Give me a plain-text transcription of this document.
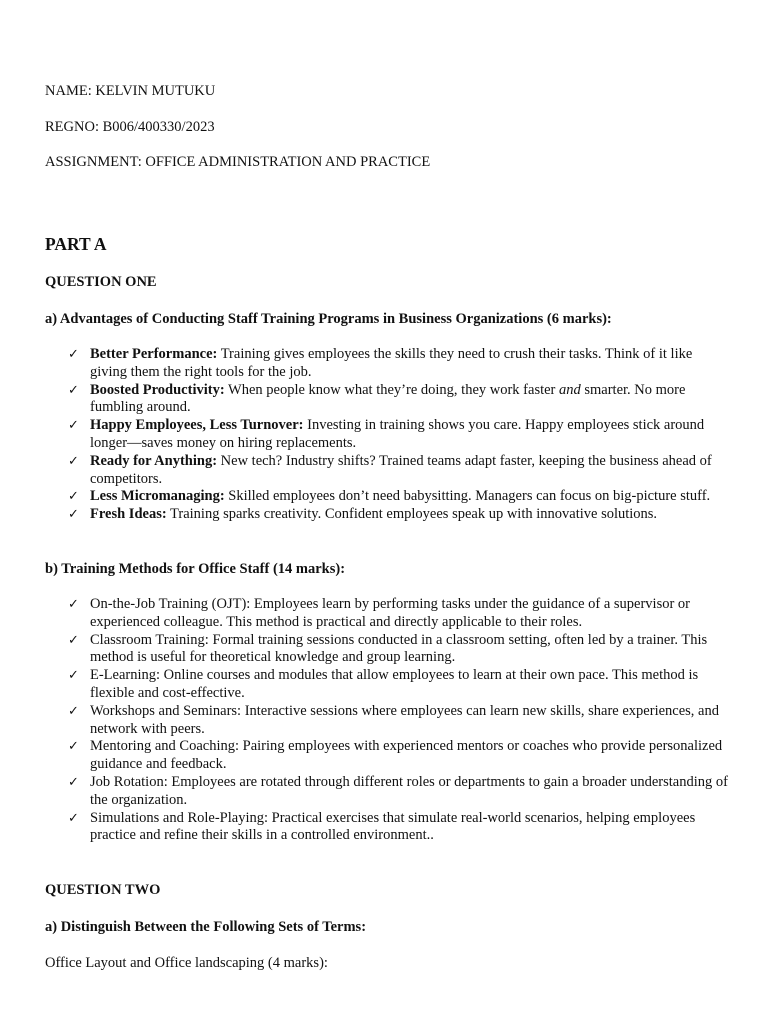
NAME: KELVIN MUTUKU
REGNO: B006/400330/2023
ASSIGNMENT: OFFICE ADMINISTRATION AND PRACTICE
PART A
QUESTION ONE
a) Advantages of Conducting Staff Training Programs in Business Organizations (6 marks):
✓ Better Performance: Training gives employees the skills they need to crush their tasks. Think of it like giving them the right tools for the job.
✓ Boosted Productivity: When people know what they’re doing, they work faster and smarter. No more fumbling around.
✓ Happy Employees, Less Turnover: Investing in training shows you care. Happy employees stick around longer—saves money on hiring replacements.
✓ Ready for Anything: New tech? Industry shifts? Trained teams adapt faster, keeping the business ahead of competitors.
✓ Less Micromanaging: Skilled employees don’t need babysitting. Managers can focus on big-picture stuff.
✓ Fresh Ideas: Training sparks creativity. Confident employees speak up with innovative solutions.
b) Training Methods for Office Staff (14 marks):
✓ On-the-Job Training (OJT): Employees learn by performing tasks under the guidance of a supervisor or experienced colleague. This method is practical and directly applicable to their roles.
✓ Classroom Training: Formal training sessions conducted in a classroom setting, often led by a trainer. This method is useful for theoretical knowledge and group learning.
✓ E-Learning: Online courses and modules that allow employees to learn at their own pace. This method is flexible and cost-effective.
✓ Workshops and Seminars: Interactive sessions where employees can learn new skills, share experiences, and network with peers.
✓ Mentoring and Coaching: Pairing employees with experienced mentors or coaches who provide personalized guidance and feedback.
✓ Job Rotation: Employees are rotated through different roles or departments to gain a broader understanding of the organization.
✓ Simulations and Role-Playing: Practical exercises that simulate real-world scenarios, helping employees practice and refine their skills in a controlled environment..
QUESTION TWO
a) Distinguish Between the Following Sets of Terms:
Office Layout and Office landscaping (4 marks):
